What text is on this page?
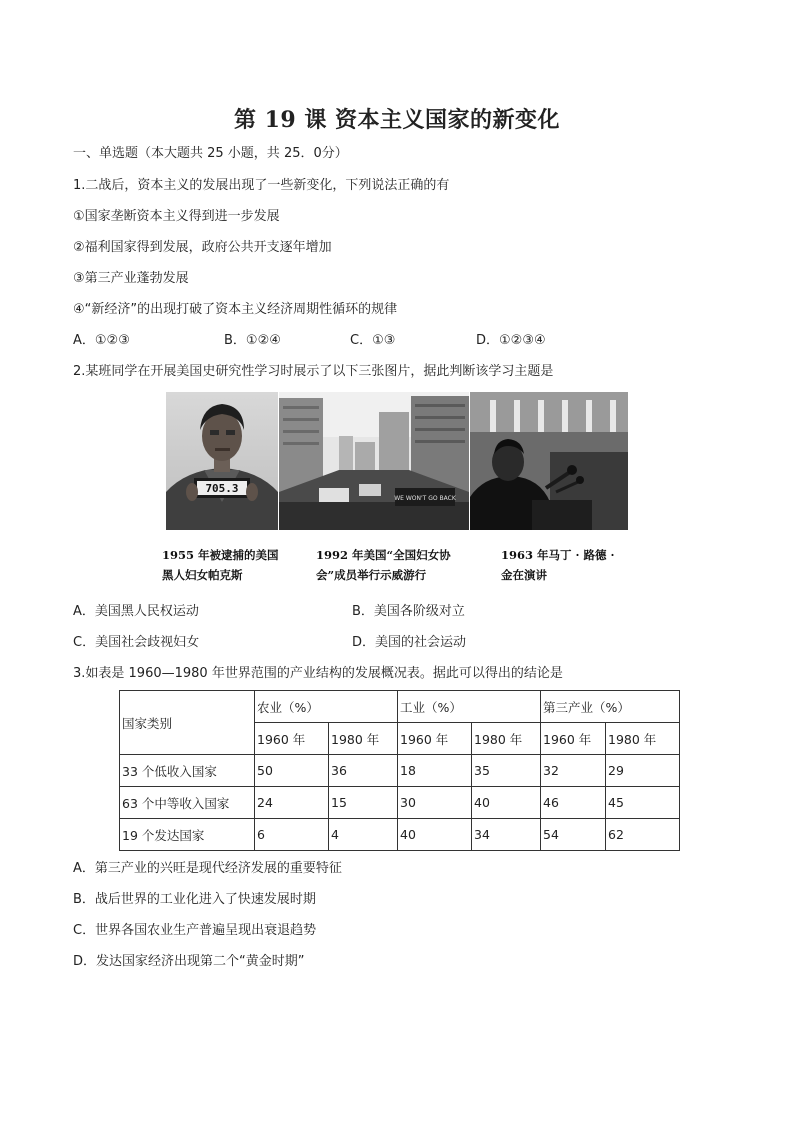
第 19 课 资本主义国家的新变化
一、单选题（本大题共 25 小题，共 25．0分）
1.二战后，资本主义的发展出现了一些新变化，下列说法正确的有
①国家垄断资本主义得到进一步发展
②福利国家得到发展，政府公共开支逐年增加
③第三产业蓬勃发展
④“新经济”的出现打破了资本主义经济周期性循环的规律
A．①②③	B．①②④	C．①③	D．①②③④
2.某班同学在开展美国史研究性学习时展示了以下三张图片，据此判断该学习主题是
705.3
WE WON'T GO BACK
1955 年被逮捕的美国
黑人妇女帕克斯
1992 年美国“全国妇女协
会”成员举行示威游行
1963 年马丁 · 路德 ·
金在演讲
A．美国黑人民权运动	B．美国各阶级对立
C．美国社会歧视妇女	D．美国的社会运动
3.如表是 1960—1980 年世界范围的产业结构的发展概况表。据此可以得出的结论是
国家类别	农业（%）		工业（%）		第三产业（%）	
	1960 年	1980 年	1960 年	1980 年	1960 年	1980 年
33 个低收入国家	50	36	18	35	32	29
63 个中等收入国家	24	15	30	40	46	45
19 个发达国家	6	4	40	34	54	62
A．第三产业的兴旺是现代经济发展的重要特征
B．战后世界的工业化进入了快速发展时期
C．世界各国农业生产普遍呈现出衰退趋势
D．发达国家经济出现第二个“黄金时期”
